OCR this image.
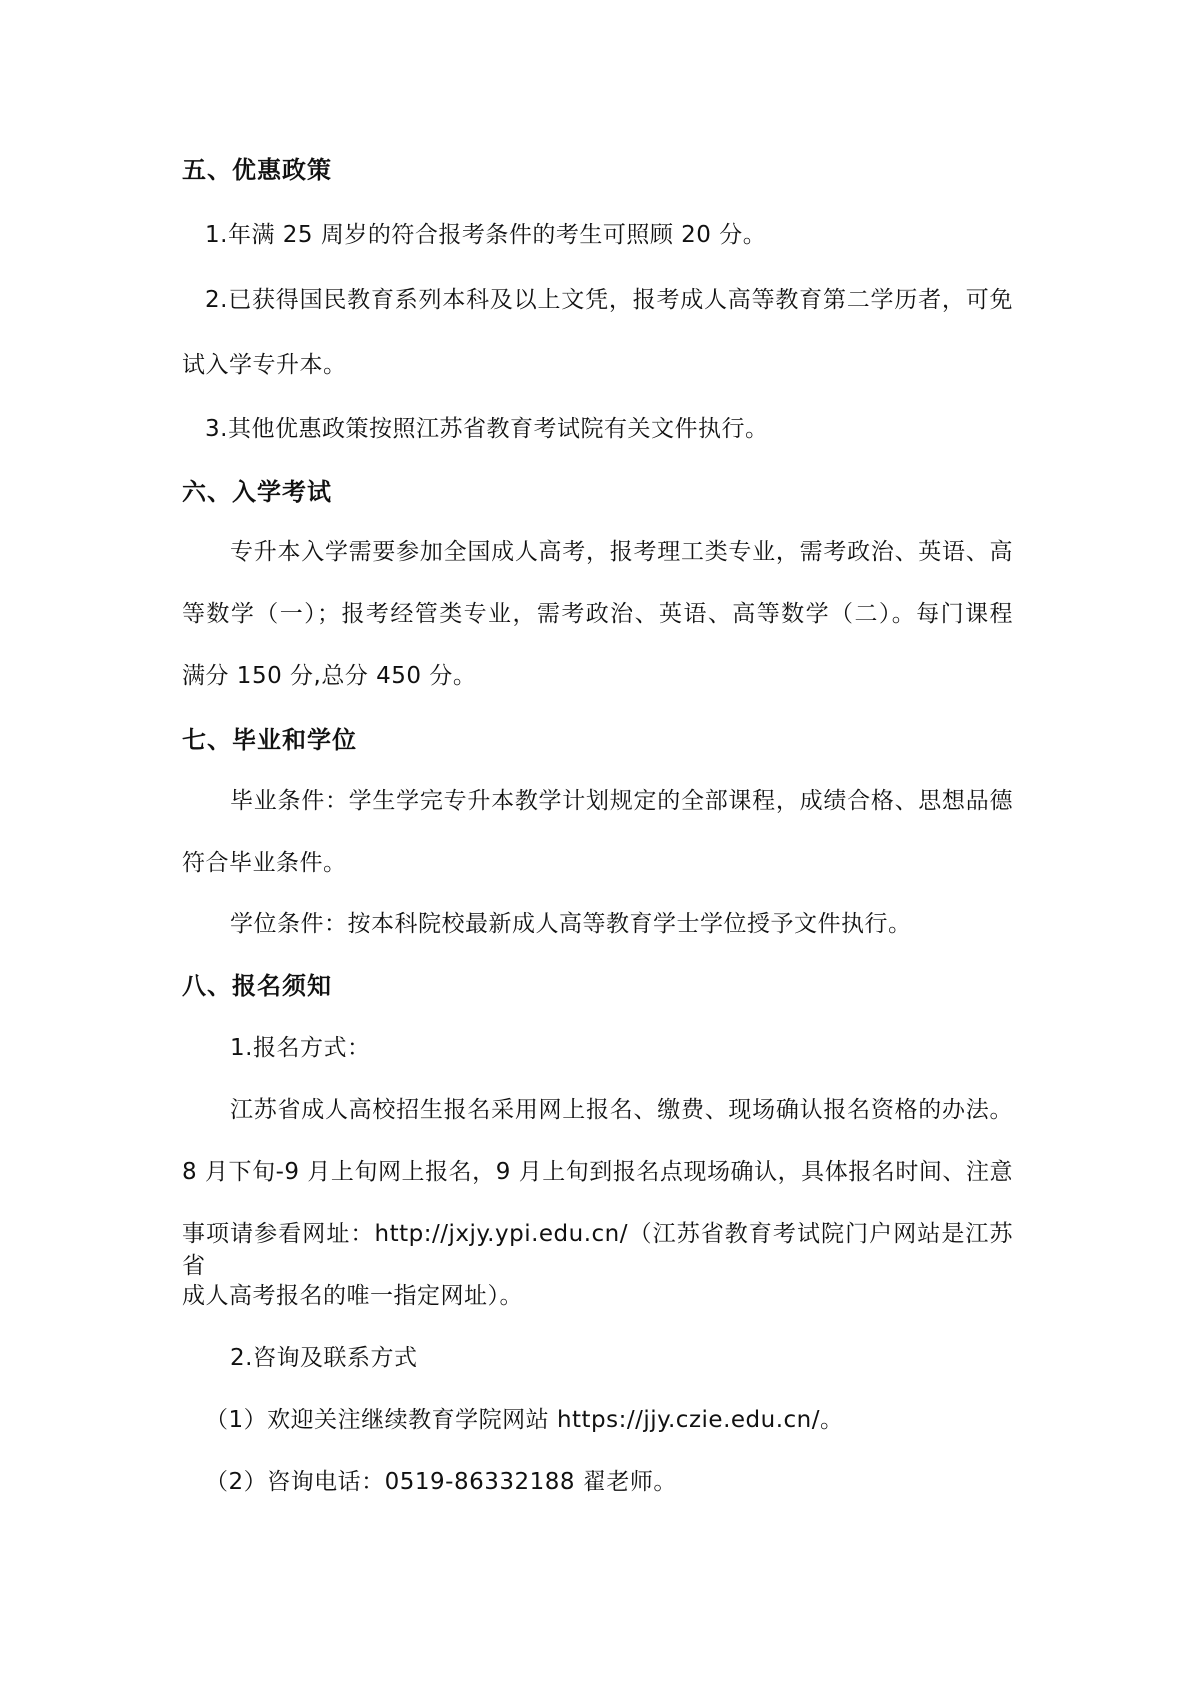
五、优惠政策
1.年满 25 周岁的符合报考条件的考生可照顾 20 分。
2.已获得国民教育系列本科及以上文凭，报考成人高等教育第二学历者，可免
试入学专升本。
3.其他优惠政策按照江苏省教育考试院有关文件执行。
六、入学考试
专升本入学需要参加全国成人高考，报考理工类专业，需考政治、英语、高
等数学（一）；报考经管类专业，需考政治、英语、高等数学（二）。每门课程
满分 150 分,总分 450 分。
七、毕业和学位
毕业条件：学生学完专升本教学计划规定的全部课程，成绩合格、思想品德
符合毕业条件。
学位条件：按本科院校最新成人高等教育学士学位授予文件执行。
八、报名须知
1.报名方式：
江苏省成人高校招生报名采用网上报名、缴费、现场确认报名资格的办法。
8 月下旬-9 月上旬网上报名，9 月上旬到报名点现场确认，具体报名时间、注意
事项请参看网址：http://jxjy.ypi.edu.cn/（江苏省教育考试院门户网站是江苏省
成人高考报名的唯一指定网址）。
2.咨询及联系方式
（1）欢迎关注继续教育学院网站 https://jjy.czie.edu.cn/。
（2）咨询电话：0519-86332188 翟老师。
